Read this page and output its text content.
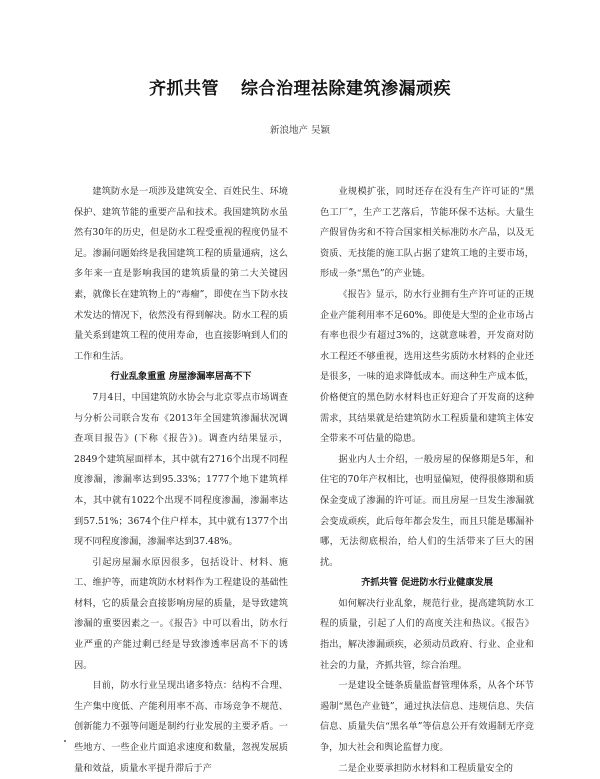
齐抓共管 综合治理祛除建筑渗漏顽疾
新浪地产 吴颖

建筑防水是一项涉及建筑安全、百姓民生、环境保护、建筑节能的重要产品和技术。我国建筑防水虽然有30年的历史，但是防水工程受重视的程度仍显不足。渗漏问题始终是我国建筑工程的质量通病，这么多年来一直是影响我国的建筑质量的第二大关键因素，就像长在建筑物上的“毒瘤”，即使在当下防水技术发达的情况下，依然没有得到解决。防水工程的质量关系到建筑工程的使用寿命，也直接影响到人们的工作和生活。

行业乱象重重 房屋渗漏率居高不下

7月4日，中国建筑防水协会与北京零点市场调查与分析公司联合发布《2013年全国建筑渗漏状况调查项目报告》(下称《报告》)。调查内结果显示，2849个建筑屋面样本，其中就有2716个出现不同程度渗漏，渗漏率达到95.33%；1777个地下建筑样本，其中就有1022个出现不同程度渗漏，渗漏率达到57.51%；3674个住户样本，其中就有1377个出现不同程度渗漏，渗漏率达到37.48%。

引起房屋漏水原因很多，包括设计、材料、施工、维护等，而建筑防水材料作为工程建设的基础性材料，它的质量会直接影响房屋的质量，是导致建筑渗漏的重要因素之一。《报告》中可以看出，防水行业严重的产能过剩已经是导致渗透率居高不下的诱因。

目前，防水行业呈现出诸多特点：结构不合理、生产集中度低、产能利用率不高、市场竞争不规范、创新能力不强等问题是制约行业发展的主要矛盾。一些地方、一些企业片面追求速度和数量，忽视发展质量和效益，质量水平提升滞后于产

业规模扩张，同时还存在没有生产许可证的“黑色工厂”，生产工艺落后，节能环保不达标。大量生产假冒伪劣和不符合国家相关标准防水产品，以及无资质、无技能的施工队占据了建筑工地的主要市场，形成一条“黑色”的产业链。

《报告》显示，防水行业拥有生产许可证的正规企业产能利用率不足60%。即使是大型的企业市场占有率也很少有超过3%的，这就意味着，开发商对防水工程还不够重视，选用这些劣质防水材料的企业还是很多，一味的追求降低成本。而这种生产成本低，价格便宜的黑色防水材料也正好迎合了开发商的这种需求，其结果就是给建筑防水工程质量和建筑主体安全带来不可估量的隐患。

据业内人士介绍，一般房屋的保修期是5年，和住宅的70年产权相比，也明显偏短，使得很修期和质保金变成了渗漏的许可证。而且房屋一旦发生渗漏就会变成顽疾，此后每年都会发生，而且只能是哪漏补哪，无法彻底根治，给人们的生活带来了巨大的困扰。

齐抓共管 促进防水行业健康发展

如何解决行业乱象，规范行业，提高建筑防水工程的质量，引起了人们的高度关注和热议。《报告》指出，解决渗漏顽疾，必须动员政府、行业、企业和社会的力量，齐抓共管，综合治理。

一是建设全链条质量监督管理体系，从各个环节遏制“黑色产业链”，通过执法信息、违规信息、失信信息、质量失信“黑名单”等信息公开有效遏制无序竞争，加大社会和舆论监督力度。

二是企业要承担防水材料和工程质量安全的
